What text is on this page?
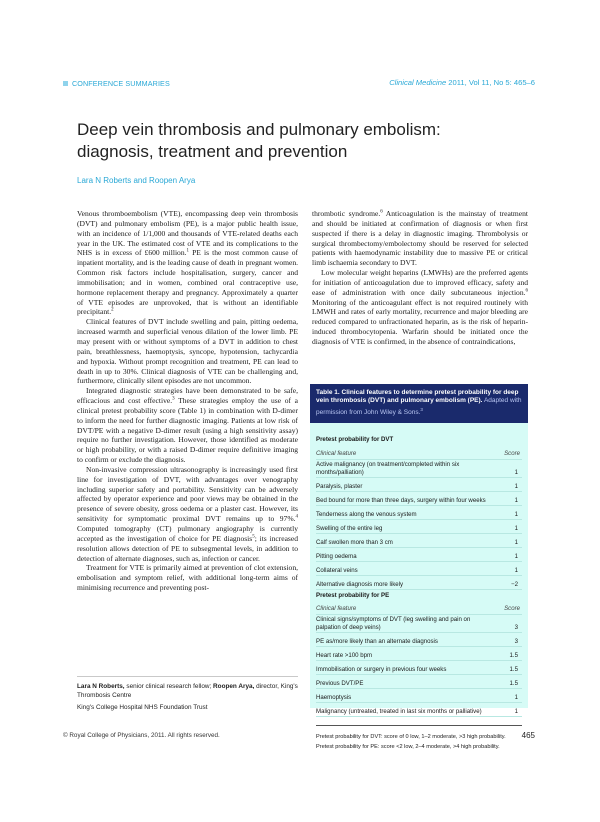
CONFERENCE SUMMARIES	Clinical Medicine 2011, Vol 11, No 5: 465–6
Deep vein thrombosis and pulmonary embolism: diagnosis, treatment and prevention
Lara N Roberts and Roopen Arya

Venous thromboembolism (VTE), encompassing deep vein thrombosis (DVT) and pulmonary embolism (PE), is a major public health issue, with an incidence of 1/1,000 and thousands of VTE-related deaths each year in the UK. The estimated cost of VTE and its complications to the NHS is in excess of £600 million.$^1$ PE is the most common cause of inpatient mortality, and is the leading cause of death in pregnant women. Common risk factors include hospitalisation, surgery, cancer and immobilisation; and in women, combined oral contraceptive use, hormone replacement therapy and pregnancy. Approximately a quarter of VTE episodes are unprovoked, that is without an identifiable precipitant.$^2$

Clinical features of DVT include swelling and pain, pitting oedema, increased warmth and superficial venous dilation of the lower limb. PE may present with or without symptoms of a DVT in addition to chest pain, breathlessness, haemoptysis, syncope, hypotension, tachycardia and hypoxia. Without prompt recognition and treatment, PE can lead to death in up to 30%. Clinical diagnosis of VTE can be challenging and, furthermore, clinically silent episodes are not uncommon.

Integrated diagnostic strategies have been demonstrated to be safe, efficacious and cost effective.$^3$ These strategies employ the use of a clinical pretest probability score (Table 1) in combination with D-dimer to inform the need for further diagnostic imaging. Patients at low risk of DVT/PE with a negative D-dimer result (using a high sensitivity assay) require no further investigation. However, those identified as moderate or high probability, or with a raised D-dimer require definitive imaging to confirm or exclude the diagnosis.

Non-invasive compression ultrasonography is increasingly used first line for investigation of DVT, with advantages over venography including superior safety and portability. Sensitivity can be adversely affected by operator experience and poor views may be obtained in the presence of severe obesity, gross oedema or a plaster cast. However, its sensitivity for symptomatic proximal DVT remains up to 97%.$^4$ Computed tomography (CT) pulmonary angiography is currently accepted as the investigation of choice for PE diagnosis$^5$; its increased resolution allows detection of PE to subsegmental levels, in addition to detection of alternate diagnoses, such as, infection or cancer.

Treatment for VTE is primarily aimed at prevention of clot extension, embolisation and symptom relief, with additional long-term aims of minimising recurrence and preventing post-

thrombotic syndrome.$^6$ Anticoagulation is the mainstay of treatment and should be initiated at confirmation of diagnosis or when first suspected if there is a delay in diagnostic imaging. Thrombolysis or surgical thrombectomy/embolectomy should be reserved for selected patients with haemodynamic instability due to massive PE or critical limb ischaemia secondary to DVT.

Low molecular weight heparins (LMWHs) are the preferred agents for initiation of anticoagulation due to improved efficacy, safety and ease of administration with once daily subcutaneous injection.$^6$ Monitoring of the anticoagulant effect is not required routinely with LMWH and rates of early mortality, recurrence and major bleeding are reduced compared to unfractionated heparin, as is the risk of heparin-induced thrombocytopenia. Warfarin should be initiated once the diagnosis of VTE is confirmed, in the absence of contraindications,

Lara N Roberts, senior clinical research fellow; Roopen Arya, director, King's Thrombosis Centre
King's College Hospital NHS Foundation Trust
Table 1. Clinical features to determine pretest probability for deep vein thrombosis (DVT) and pulmonary embolism (PE). Adapted with permission from John Wiley & Sons.$^3$
Pretest probability for DVT
Clinical feature	Score
Active malignancy (on treatment/completed within six months/palliation)	1
Paralysis, plaster	1
Bed bound for more than three days, surgery within four weeks	1
Tenderness along the venous system	1
Swelling of the entire leg	1
Calf swollen more than 3 cm	1
Pitting oedema	1
Collateral veins	1
Alternative diagnosis more likely	−2
Pretest probability for PE
Clinical feature	Score
Clinical signs/symptoms of DVT (leg swelling and pain on palpation of deep veins)	3
PE as/more likely than an alternate diagnosis	3
Heart rate >100 bpm	1.5
Immobilisation or surgery in previous four weeks	1.5
Previous DVT/PE	1.5
Haemoptysis	1
Malignancy (untreated, treated in last six months or palliative)	1
Pretest probability for DVT: score of 0 low, 1–2 moderate, >3 high probability.
Pretest probability for PE: score <2 low, 2–4 moderate, >4 high probability.
© Royal College of Physicians, 2011. All rights reserved.	465
